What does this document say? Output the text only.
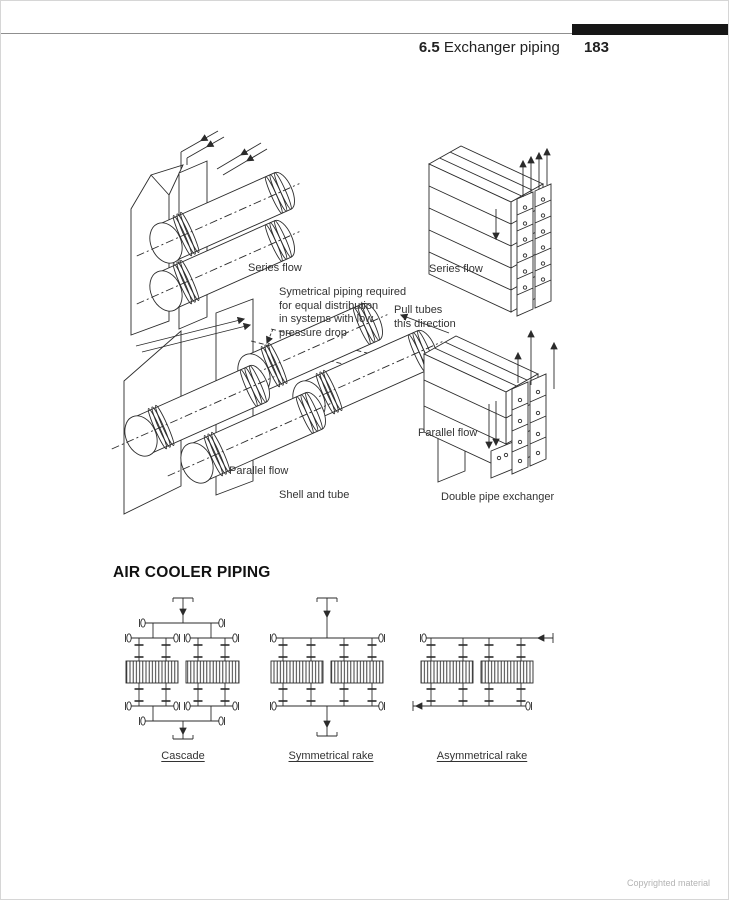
6.5 Exchanger piping 183
Series flow
Symetrical piping required
for equal distribution
in systems with low
pressure drop
Parallel flow
Shell and tube
Series flow
Pull tubes
this direction
Parallel flow
Double pipe exchanger
AIR COOLER PIPING
Cascade	Symmetrical rake	Asymmetrical rake
Copyrighted material
